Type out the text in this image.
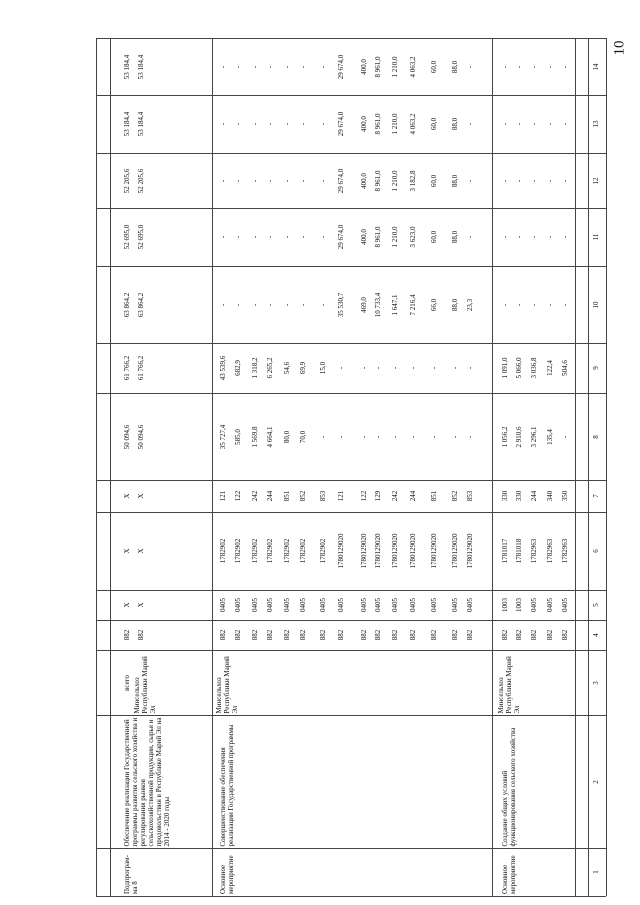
10
1
2
3
4
5
6
7
8
9
10
11
12
13
14
Подпрограм-ма 8
Обеспечение реализации Государственной программы развития сельского хозяйства и регулирования рынков сельскохозяйственной продукции, сырья и продовольствия в Республике Марий Эл на 2014 - 2020 годы
всего
882
Х
Х
Х
50 094,6
61 766,2
63 864,2
52 695,0
52 205,6
53 184,4
53 184,4
Минсельхоз Республики Марий Эл
882
Х
Х
Х
50 094,6
61 766,2
63 864,2
52 695,0
52 205,6
53 184,4
53 184,4
Основное мероприятие
Совершенствование обеспечения реализации Государственной программы
Минсельхоз Республики Марий Эл
882
0405
1782902
121
35 727,4
43 539,6
-
-
-
-
-
882
0405
1782902
122
585,0
682,9
-
-
-
-
-
882
0405
1782902
242
1 569,8
1 318,2
-
-
-
-
-
882
0405
1782902
244
4 664,1
6 265,2
-
-
-
-
-
882
0405
1782902
851
80,0
54,6
-
-
-
-
-
882
0405
1782902
852
70,0
69,9
-
-
-
-
-
882
0405
1782902
853
-
15,0
-
-
-
-
-
882
0405
1780129020
121
-
-
35 530,7
29 674,0
29 674,0
29 674,0
29 674,0
882
0405
1780129020
122
-
-
469,0
400,0
400,0
400,0
400,0
882
0405
1780129020
129
-
-
10 733,4
8 961,0
8 961,0
8 961,0
8 961,0
882
0405
1780129020
242
-
-
1 647,1
1 210,0
1 210,0
1 210,0
1 210,0
882
0405
1780129020
244
-
-
7 216,4
3 623,0
3 182,8
4 063,2
4 063,2
882
0405
1780129020
851
-
-
66,0
60,0
60,0
60,0
60,0
882
0405
1780129020
852
-
-
88,0
88,0
88,0
88,0
88,0
882
0405
1780129020
853
-
-
23,3
-
-
-
-
Основное мероприятие
Создание общих условий функционирования сельского хозяйства
Минсельхоз Республики Марий Эл
882
1003
1781017
330
1 056,2
1 091,0
-
-
-
-
-
882
1003
1781018
330
2 910,6
5 066,0
-
-
-
-
-
882
0405
1782963
244
3 296,1
3 036,8
-
-
-
-
-
882
0405
1782963
340
135,4
122,4
-
-
-
-
-
882
0405
1782963
350
-
504,6
-
-
-
-
-
